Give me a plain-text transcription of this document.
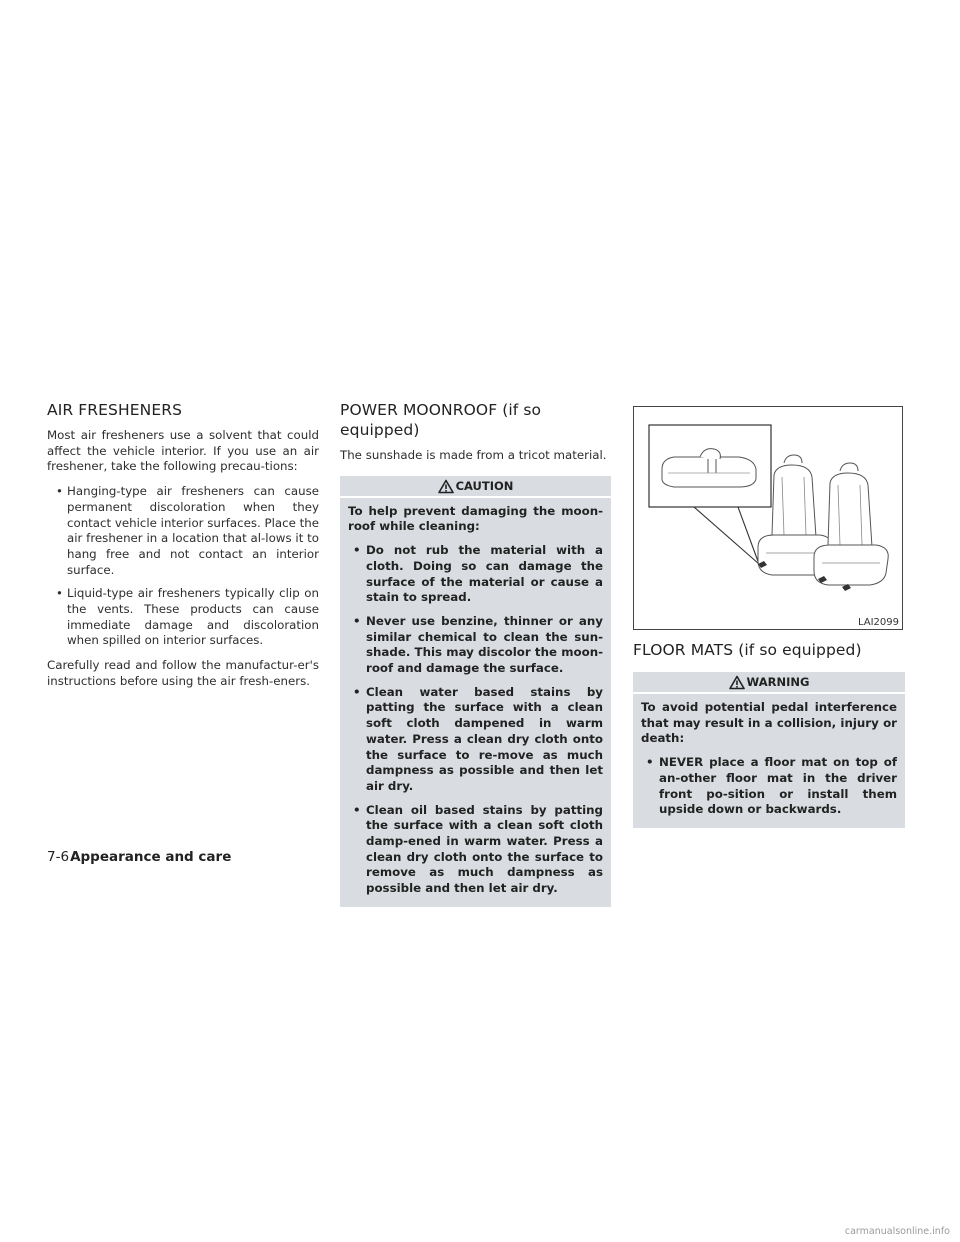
AIR FRESHENERS

Most air fresheners use a solvent that could affect the vehicle interior. If you use an air freshener, take the following precau-tions:

• Hanging-type air fresheners can cause permanent discoloration when they contact vehicle interior surfaces. Place the air freshener in a location that al-lows it to hang free and not contact an interior surface.
• Liquid-type air fresheners typically clip on the vents. These products can cause immediate damage and discoloration when spilled on interior surfaces.

Carefully read and follow the manufactur-er's instructions before using the air fresh-eners.

POWER MOONROOF (if so equipped)

The sunshade is made from a tricot material.

CAUTION

To help prevent damaging the moon-roof while cleaning:

• Do not rub the material with a cloth. Doing so can damage the surface of the material or cause a stain to spread.
• Never use benzine, thinner or any similar chemical to clean the sun-shade. This may discolor the moon-roof and damage the surface.
• Clean water based stains by patting the surface with a clean soft cloth dampened in warm water. Press a clean dry cloth onto the surface to re-move as much dampness as possible and then let air dry.
• Clean oil based stains by patting the surface with a clean soft cloth damp-ened in warm water. Press a clean dry cloth onto the surface to remove as much dampness as possible and then let air dry.
LAI2099
FLOOR MATS (if so equipped)
WARNING

To avoid potential pedal interference that may result in a collision, injury or death:

• NEVER place a floor mat on top of an-other floor mat in the driver front po-sition or install them upside down or backwards.
7-6Appearance and care
carmanualsonline.info
